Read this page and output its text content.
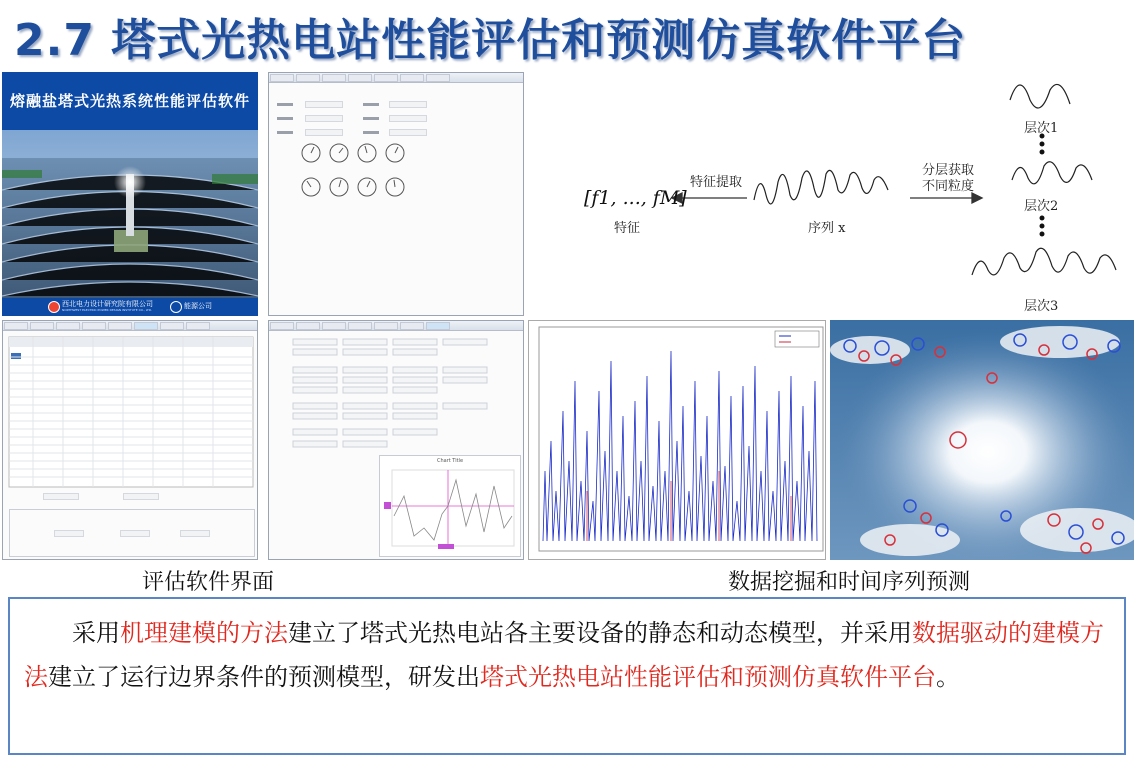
2.7 塔式光热电站性能评估和预测仿真软件平台
熔融盐塔式光热系统性能评估软件
西北电力设计研究院有限公司
NORTHWEST ELECTRIC POWER DESIGN INSTITUTE CO., LTD.	能源公司
[f1, ..., fM]
特征
特征提取
序列 x
分层获取
不同粒度
层次1
层次2
层次3
Chart Title
评估软件界面	数据挖掘和时间序列预测
采用机理建模的方法建立了塔式光热电站各主要设备的静态和动态模型，并采用数据驱动的建模方法建立了运行边界条件的预测模型，研发出塔式光热电站性能评估和预测仿真软件平台。
